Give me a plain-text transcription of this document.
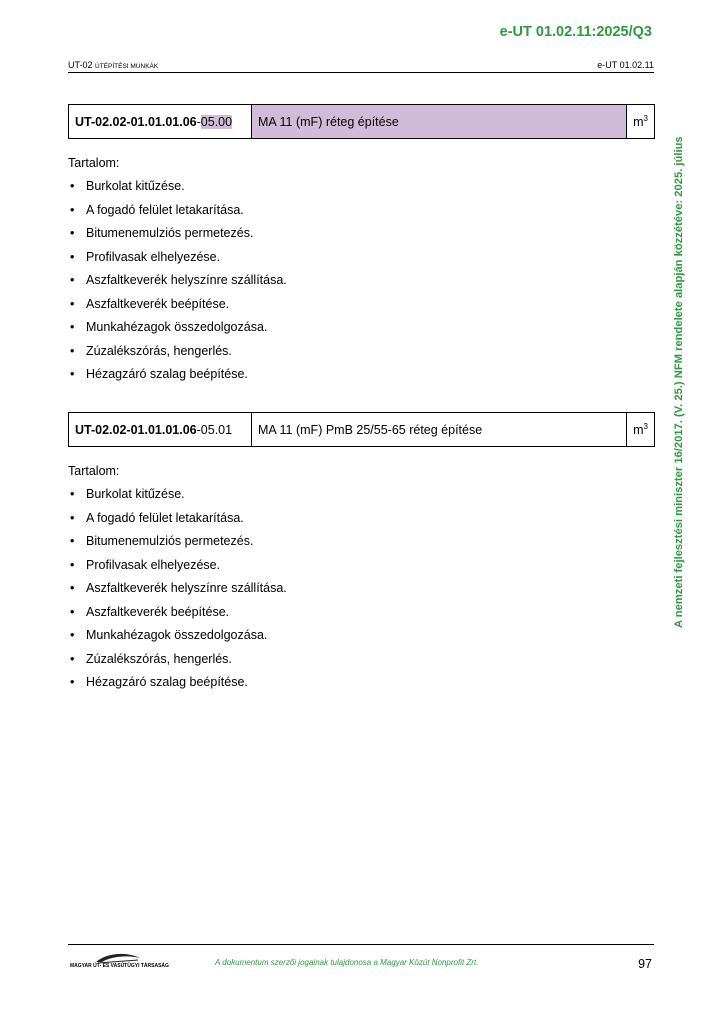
e-UT 01.02.11:2025/Q3
UT-02 ÚTÉPÍTÉSI MUNKÁK	e-UT 01.02.11
A nemzeti fejlesztési miniszter 16/2017. (V. 25.) NFM rendelete alapján közzétéve: 2025. július
UT-02.02-01.01.01.06-05.00	MA 11 (mF) réteg építése	$m^3$
Tartalom:
• Burkolat kitűzése.
• A fogadó felület letakarítása.
• Bitumenemulziós permetezés.
• Profilvasak elhelyezése.
• Aszfaltkeverék helyszínre szállítása.
• Aszfaltkeverék beépítése.
• Munkahézagok összedolgozása.
• Zúzalékszórás, hengerlés.
• Hézagzáró szalag beépítése.
UT-02.02-01.01.01.06-05.01	MA 11 (mF) PmB 25/55-65 réteg építése	$m^3$
Tartalom:
• Burkolat kitűzése.
• A fogadó felület letakarítása.
• Bitumenemulziós permetezés.
• Profilvasak elhelyezése.
• Aszfaltkeverék helyszínre szállítása.
• Aszfaltkeverék beépítése.
• Munkahézagok összedolgozása.
• Zúzalékszórás, hengerlés.
• Hézagzáró szalag beépítése.
MAGYAR ÚT- ÉS VASÚTÜGYI TÁRSASÁG	A dokumentum szerzői jogainak tulajdonosa a Magyar Közút Nonprofit Zrt.	97
